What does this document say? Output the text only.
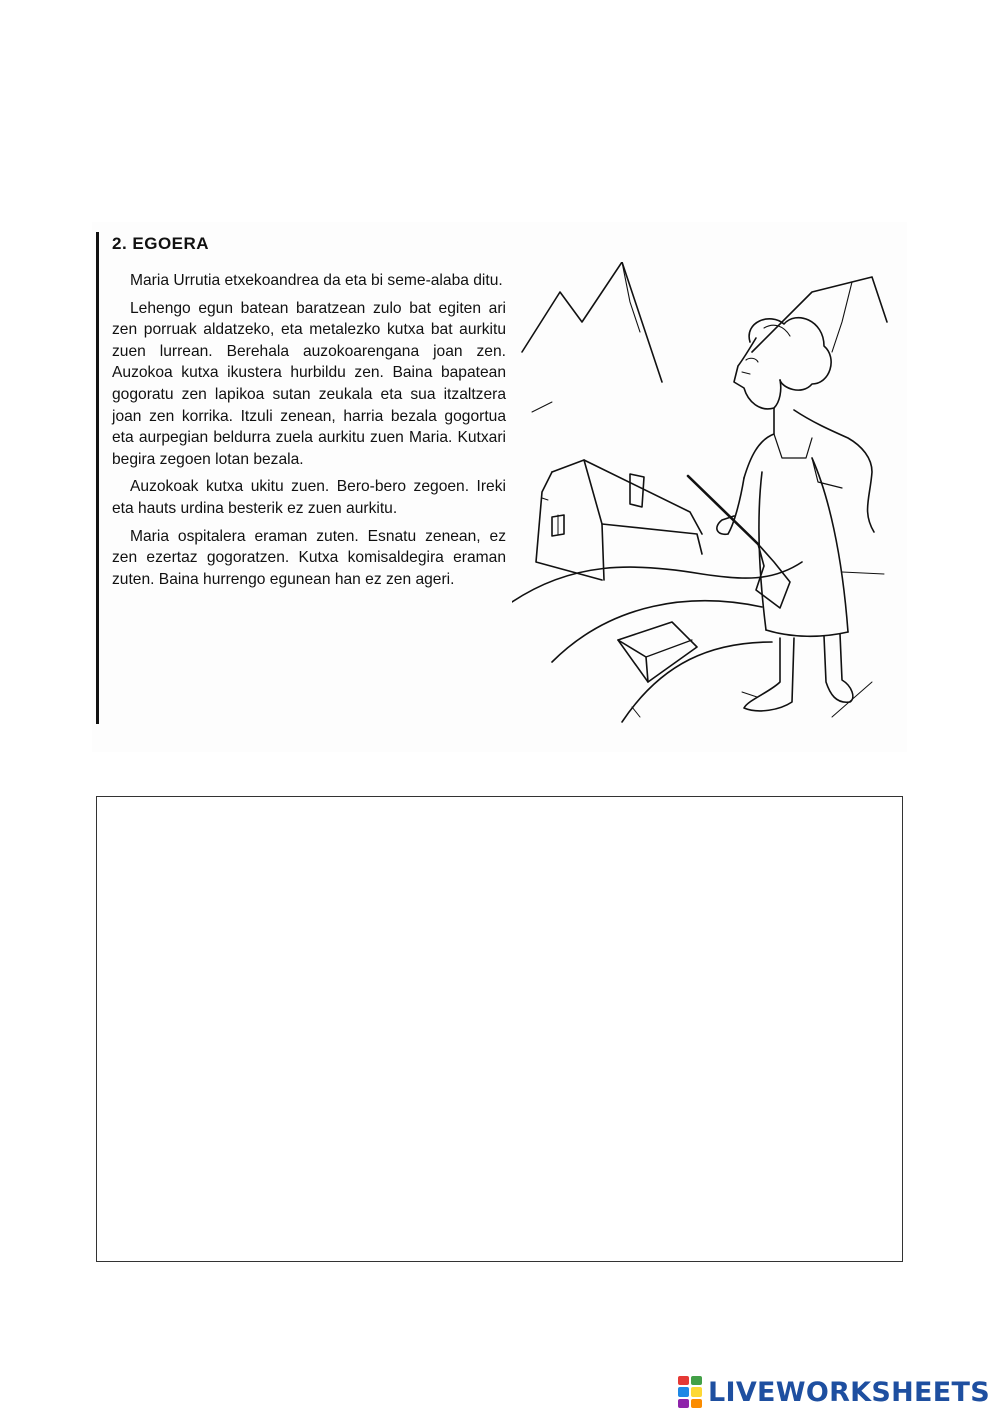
2. EGOERA

Maria Urrutia etxekoandrea da eta bi seme-alaba ditu.

Lehengo egun batean baratzean zulo bat egiten ari zen porruak aldatzeko, eta metalezko kutxa bat aurkitu zuen lurrean. Berehala auzokoarengana joan zen. Auzokoa kutxa ikustera hurbildu zen. Baina bapatean gogoratu zen lapikoa sutan zeukala eta sua itzaltzera joan zen korrika. Itzuli zenean, harria bezala gogortua eta aurpegian beldurra zuela aurkitu zuen Maria. Kutxari begira zegoen lotan bezala.

Auzokoak kutxa ukitu zuen. Bero-bero zegoen. Ireki eta hauts urdina besterik ez zuen aurkitu.

Maria ospitalera eraman zuten. Esnatu zenean, ez zen ezertaz gogoratzen. Kutxa komisaldegira eraman zuten. Baina hurrengo egunean han ez zen ageri.

LIVEWORKSHEETS
